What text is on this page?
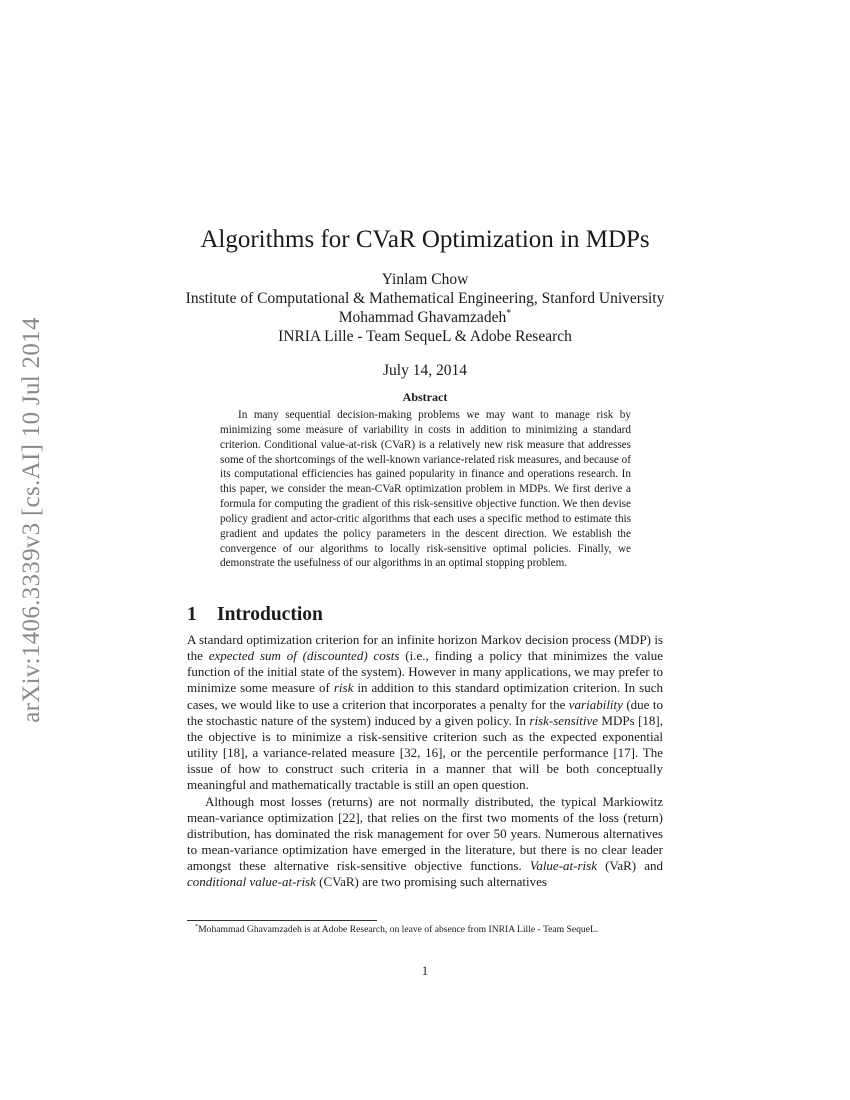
arXiv:1406.3339v3 [cs.AI] 10 Jul 2014
Algorithms for CVaR Optimization in MDPs
Yinlam Chow
Institute of Computational & Mathematical Engineering, Stanford University
Mohammad Ghavamzadeh*
INRIA Lille - Team SequeL & Adobe Research
July 14, 2014
Abstract

In many sequential decision-making problems we may want to manage risk by minimizing some measure of variability in costs in addition to minimizing a standard criterion. Conditional value-at-risk (CVaR) is a relatively new risk measure that addresses some of the shortcomings of the well-known variance-related risk measures, and because of its computational efficiencies has gained popularity in finance and operations research. In this paper, we consider the mean-CVaR optimization problem in MDPs. We first derive a formula for computing the gradient of this risk-sensitive objective function. We then devise policy gradient and actor-critic algorithms that each uses a specific method to estimate this gradient and updates the policy parameters in the descent direction. We establish the convergence of our algorithms to locally risk-sensitive optimal policies. Finally, we demonstrate the usefulness of our algorithms in an optimal stopping problem.

1 Introduction

A standard optimization criterion for an infinite horizon Markov decision process (MDP) is the expected sum of (discounted) costs (i.e., finding a policy that minimizes the value function of the initial state of the system). However in many applications, we may prefer to minimize some measure of risk in addition to this standard optimization criterion. In such cases, we would like to use a criterion that incorporates a penalty for the variability (due to the stochastic nature of the system) induced by a given policy. In risk-sensitive MDPs [18], the objective is to minimize a risk-sensitive criterion such as the expected exponential utility [18], a variance-related measure [32, 16], or the percentile performance [17]. The issue of how to construct such criteria in a manner that will be both conceptually meaningful and mathematically tractable is still an open question.

Although most losses (returns) are not normally distributed, the typical Markiowitz mean-variance optimization [22], that relies on the first two moments of the loss (return) distribution, has dominated the risk management for over 50 years. Numerous alternatives to mean-variance optimization have emerged in the literature, but there is no clear leader amongst these alternative risk-sensitive objective functions. Value-at-risk (VaR) and conditional value-at-risk (CVaR) are two promising such alternatives

*Mohammad Ghavamzadeh is at Adobe Research, on leave of absence from INRIA Lille - Team SequeL.
1
